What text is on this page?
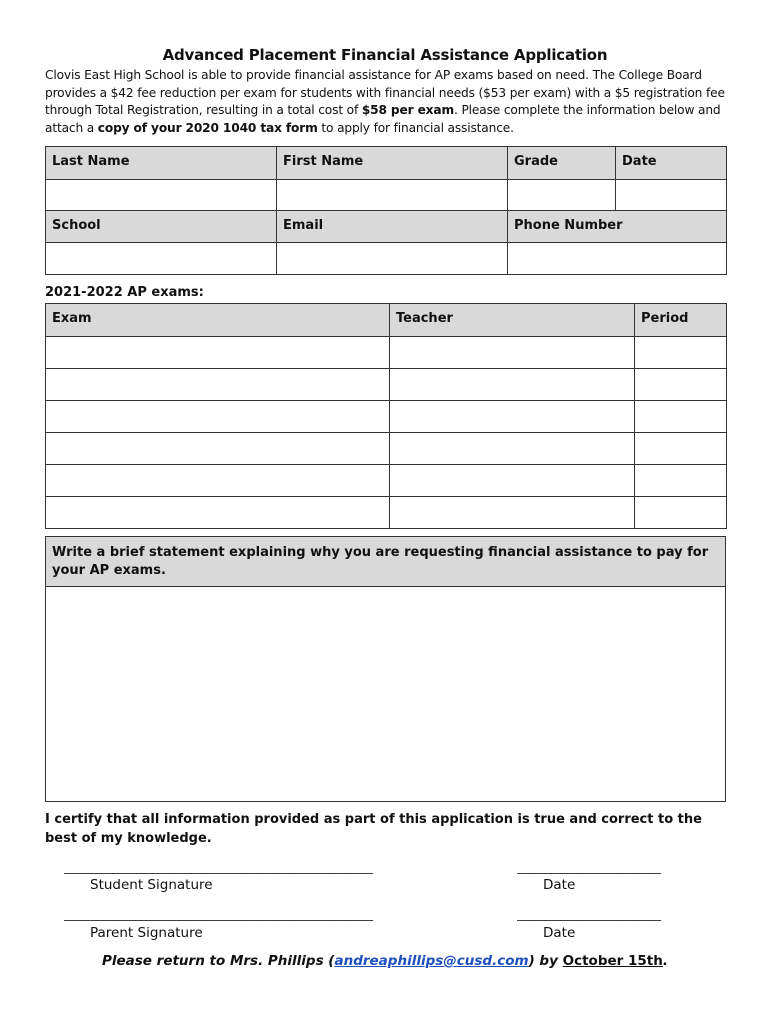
Advanced Placement Financial Assistance Application
Clovis East High School is able to provide financial assistance for AP exams based on need. The College Board provides a $42 fee reduction per exam for students with financial needs ($53 per exam) with a $5 registration fee through Total Registration, resulting in a total cost of $58 per exam. Please complete the information below and attach a copy of your 2020 1040 tax form to apply for financial assistance.
Last Name	First Name	Grade	Date

School	Email	Phone Number	

2021-2022 AP exams:
Exam	Teacher	Period

Write a brief statement explaining why you are requesting financial assistance to pay for your AP exams.

I certify that all information provided as part of this application is true and correct to the best of my knowledge.
________________________________________________________	__________________________
Student Signature	Date
________________________________________________________	__________________________
Parent Signature	Date
Please return to Mrs. Phillips (andreaphillips@cusd.com) by October 15th.
